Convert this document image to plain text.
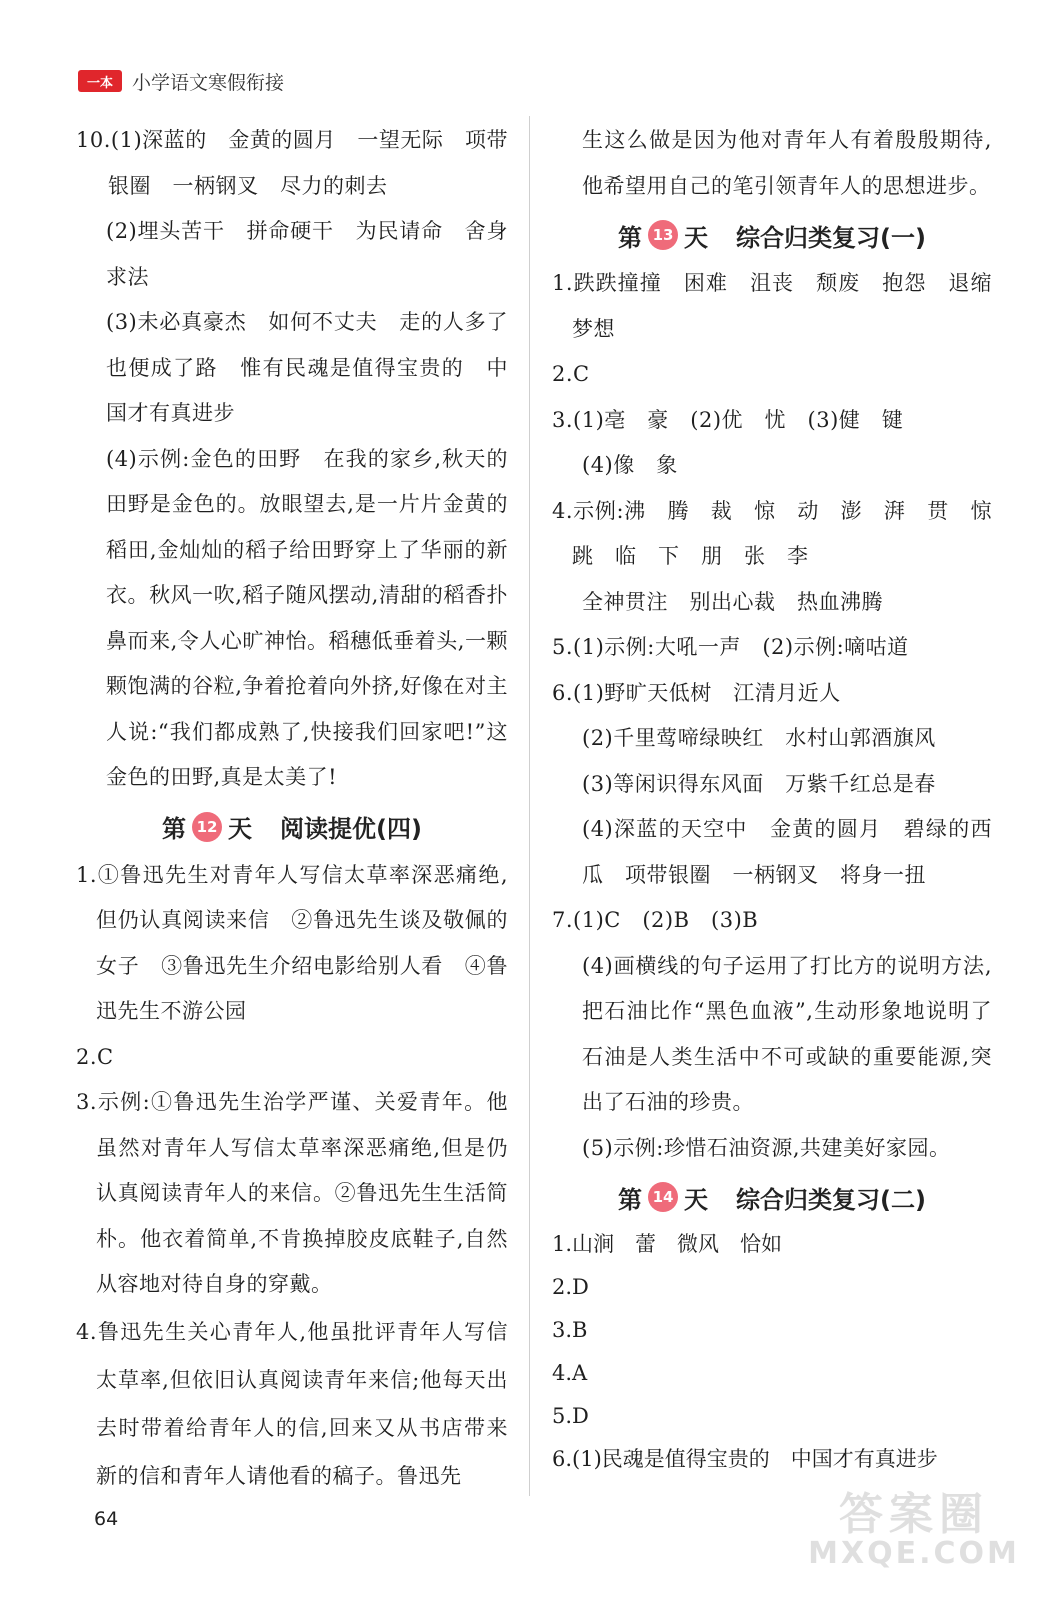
一本	小学语文寒假衔接

10.(1)深蓝的　金黄的圆月　一望无际　项带银圈　一柄钢叉　尽力的刺去

(2)埋头苦干　拼命硬干　为民请命　舍身求法

(3)未必真豪杰　如何不丈夫　走的人多了　也便成了路　惟有民魂是值得宝贵的　中国才有真进步

(4)示例:金色的田野　在我的家乡,秋天的田野是金色的。放眼望去,是一片片金黄的稻田,金灿灿的稻子给田野穿上了华丽的新衣。秋风一吹,稻子随风摆动,清甜的稻香扑鼻而来,令人心旷神怡。稻穗低垂着头,一颗颗饱满的谷粒,争着抢着向外挤,好像在对主人说:“我们都成熟了,快接我们回家吧!”这金色的田野,真是太美了!

第 12 天 阅读提优(四)

1.①鲁迅先生对青年人写信太草率深恶痛绝,但仍认真阅读来信　②鲁迅先生谈及敬佩的女子　③鲁迅先生介绍电影给别人看　④鲁迅先生不游公园

2.C

3.示例:①鲁迅先生治学严谨、关爱青年。他虽然对青年人写信太草率深恶痛绝,但是仍认真阅读青年人的来信。②鲁迅先生生活简朴。他衣着简单,不肯换掉胶皮底鞋子,自然从容地对待自身的穿戴。

4.鲁迅先生关心青年人,他虽批评青年人写信太草率,但依旧认真阅读青年来信;他每天出去时带着给青年人的信,回来又从书店带来新的信和青年人请他看的稿子。鲁迅先

生这么做是因为他对青年人有着殷殷期待,他希望用自己的笔引领青年人的思想进步。

第 13 天 综合归类复习(一)

1.跌跌撞撞　困难　沮丧　颓废　抱怨　退缩　梦想

2.C

3.(1)亳　豪　(2)优　忧　(3)健　键

(4)像　象

4.示例:沸　腾　裁　惊　动　澎　湃　贯　惊　跳　临　下　朋　张　李

全神贯注　别出心裁　热血沸腾

5.(1)示例:大吼一声　(2)示例:嘀咕道

6.(1)野旷天低树　江清月近人

(2)千里莺啼绿映红　水村山郭酒旗风

(3)等闲识得东风面　万紫千红总是春

(4)深蓝的天空中　金黄的圆月　碧绿的西瓜　项带银圈　一柄钢叉　将身一扭

7.(1)C　(2)B　(3)B

(4)画横线的句子运用了打比方的说明方法,把石油比作“黑色血液”,生动形象地说明了石油是人类生活中不可或缺的重要能源,突出了石油的珍贵。

(5)示例:珍惜石油资源,共建美好家园。

第 14 天 综合归类复习(二)

1.山涧　蕾　微风　恰如

2.D

3.B

4.A

5.D

6.(1)民魂是值得宝贵的　中国才有真进步

64	答案圈
MXQE.COM
